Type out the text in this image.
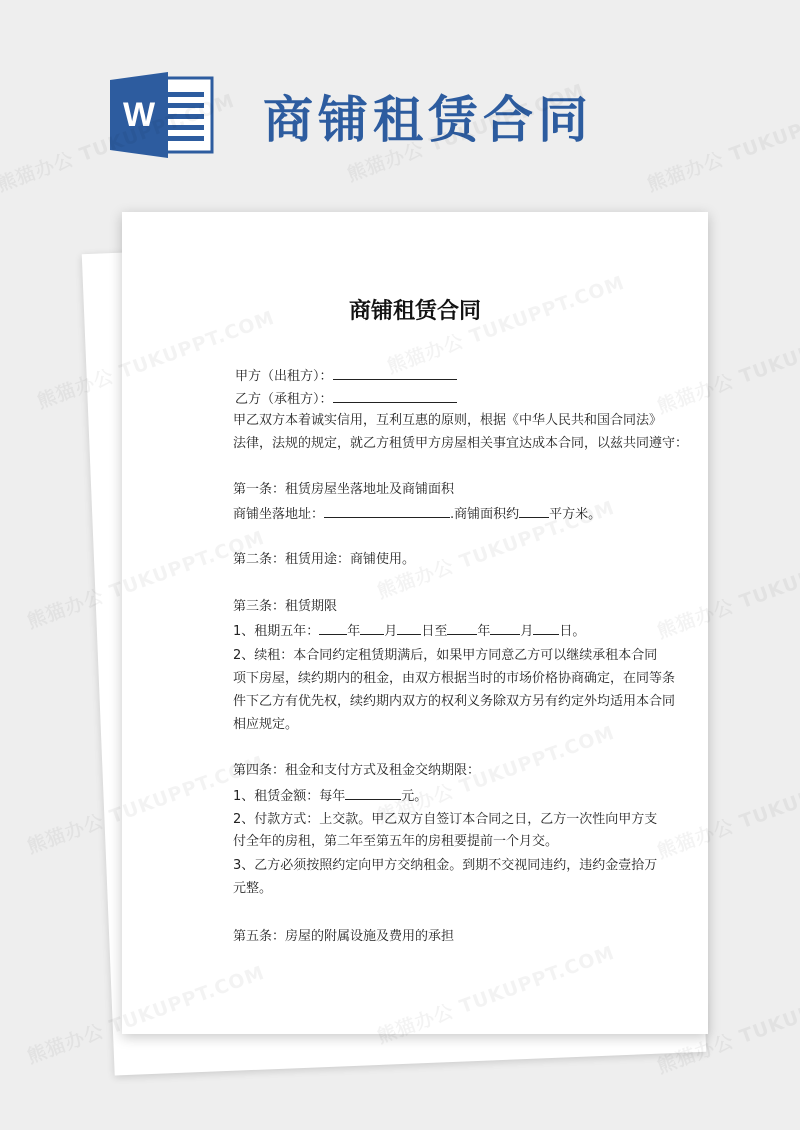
W 商铺租赁合同
商铺租赁合同
甲方（出租方）：
乙方（承租方）：
甲乙双方本着诚实信用，互利互惠的原则，根据《中华人民共和国合同法》
法律，法规的规定，就乙方租赁甲方房屋相关事宜达成本合同，以兹共同遵守：
第一条：租赁房屋坐落地址及商铺面积
商铺坐落地址：	.商铺面积约 平方米。
第二条：租赁用途：商铺使用。
第三条：租赁期限
1、租期五年： 年 月 日至 年 月 日。
2、续租：本合同约定租赁期满后，如果甲方同意乙方可以继续承租本合同
项下房屋，续约期内的租金，由双方根据当时的市场价格协商确定，在同等条
件下乙方有优先权，续约期内双方的权利义务除双方另有约定外均适用本合同
相应规定。
第四条：租金和支付方式及租金交纳期限：
1、租赁金额：每年	元。
2、付款方式：上交款。甲乙双方自签订本合同之日，乙方一次性向甲方支
付全年的房租，第二年至第五年的房租要提前一个月交。
3、乙方必须按照约定向甲方交纳租金。到期不交视同违约，违约金壹拾万
元整。
第五条：房屋的附属设施及费用的承担
